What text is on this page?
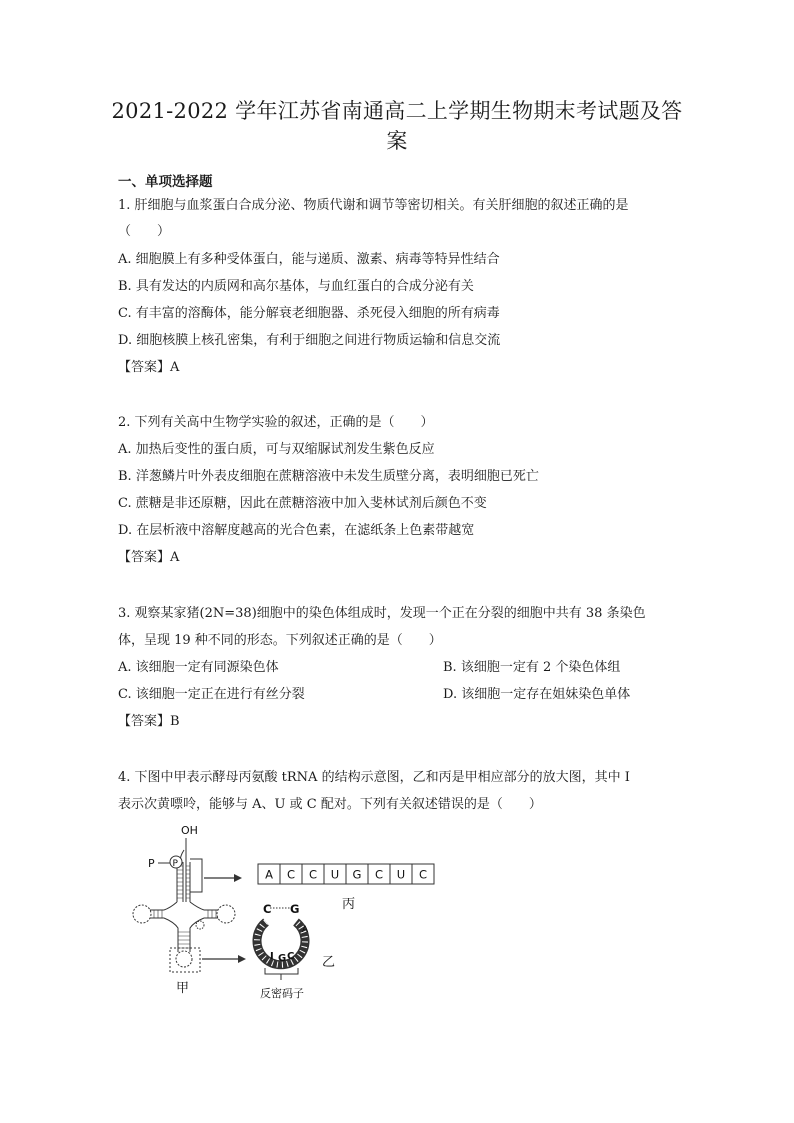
2021-2022 学年江苏省南通高二上学期生物期末考试题及答
案
一、单项选择题
1. 肝细胞与血浆蛋白合成分泌、物质代谢和调节等密切相关。有关肝细胞的叙述正确的是
（　　）
A. 细胞膜上有多种受体蛋白，能与递质、激素、病毒等特异性结合
B. 具有发达的内质网和高尔基体，与血红蛋白的合成分泌有关
C. 有丰富的溶酶体，能分解衰老细胞器、杀死侵入细胞的所有病毒
D. 细胞核膜上核孔密集，有利于细胞之间进行物质运输和信息交流
【答案】A
2. 下列有关高中生物学实验的叙述，正确的是（　　）
A. 加热后变性的蛋白质，可与双缩脲试剂发生紫色反应
B. 洋葱鳞片叶外表皮细胞在蔗糖溶液中未发生质壁分离，表明细胞已死亡
C. 蔗糖是非还原糖，因此在蔗糖溶液中加入斐林试剂后颜色不变
D. 在层析液中溶解度越高的光合色素，在滤纸条上色素带越宽
【答案】A
3. 观察某家猪(2N=38)细胞中的染色体组成时，发现一个正在分裂的细胞中共有 38 条染色
体，呈现 19 种不同的形态。下列叙述正确的是（　　）
A. 该细胞一定有同源染色体	B. 该细胞一定有 2 个染色体组
C. 该细胞一定正在进行有丝分裂	D. 该细胞一定存在姐妹染色单体
【答案】B
4. 下图中甲表示酵母丙氨酸 tRNA 的结构示意图，乙和丙是甲相应部分的放大图，其中 I
表示次黄嘌呤，能够与 A、U 或 C 配对。下列有关叙述错误的是（　　）
OH
P P
A C C U G C U C
丙
C G
A
I G C 乙
反密码子
甲
